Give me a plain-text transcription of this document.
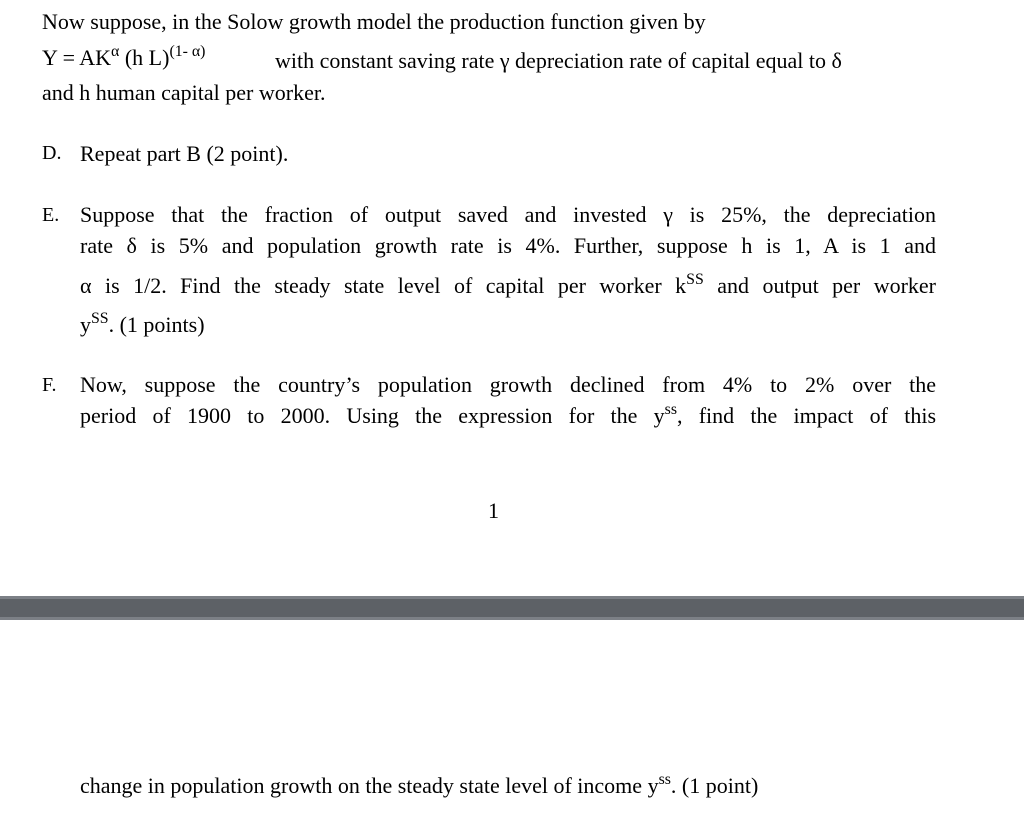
Now suppose, in the Solow growth model the production function given by
$Y = AK^\alpha$ (h L)$^{(1- \alpha)}$	with constant saving rate γ depreciation rate of capital equal to δ
and h human capital per worker.
D. Repeat part B (2 point).
E. Suppose that the fraction of output saved and invested γ is 25%, the depreciation
rate δ is 5% and population growth rate is 4%. Further, suppose h is 1, A is 1 and
α is 1/2. Find the steady state level of capital per worker $k^{SS}$ and output per worker
$y^{SS}$. (1 points)
F. Now, suppose the country’s population growth declined from 4% to 2% over the
period of 1900 to 2000. Using the expression for the $y^{ss}$, find the impact of this
1
change in population growth on the steady state level of income $y^{ss}$. (1 point)
